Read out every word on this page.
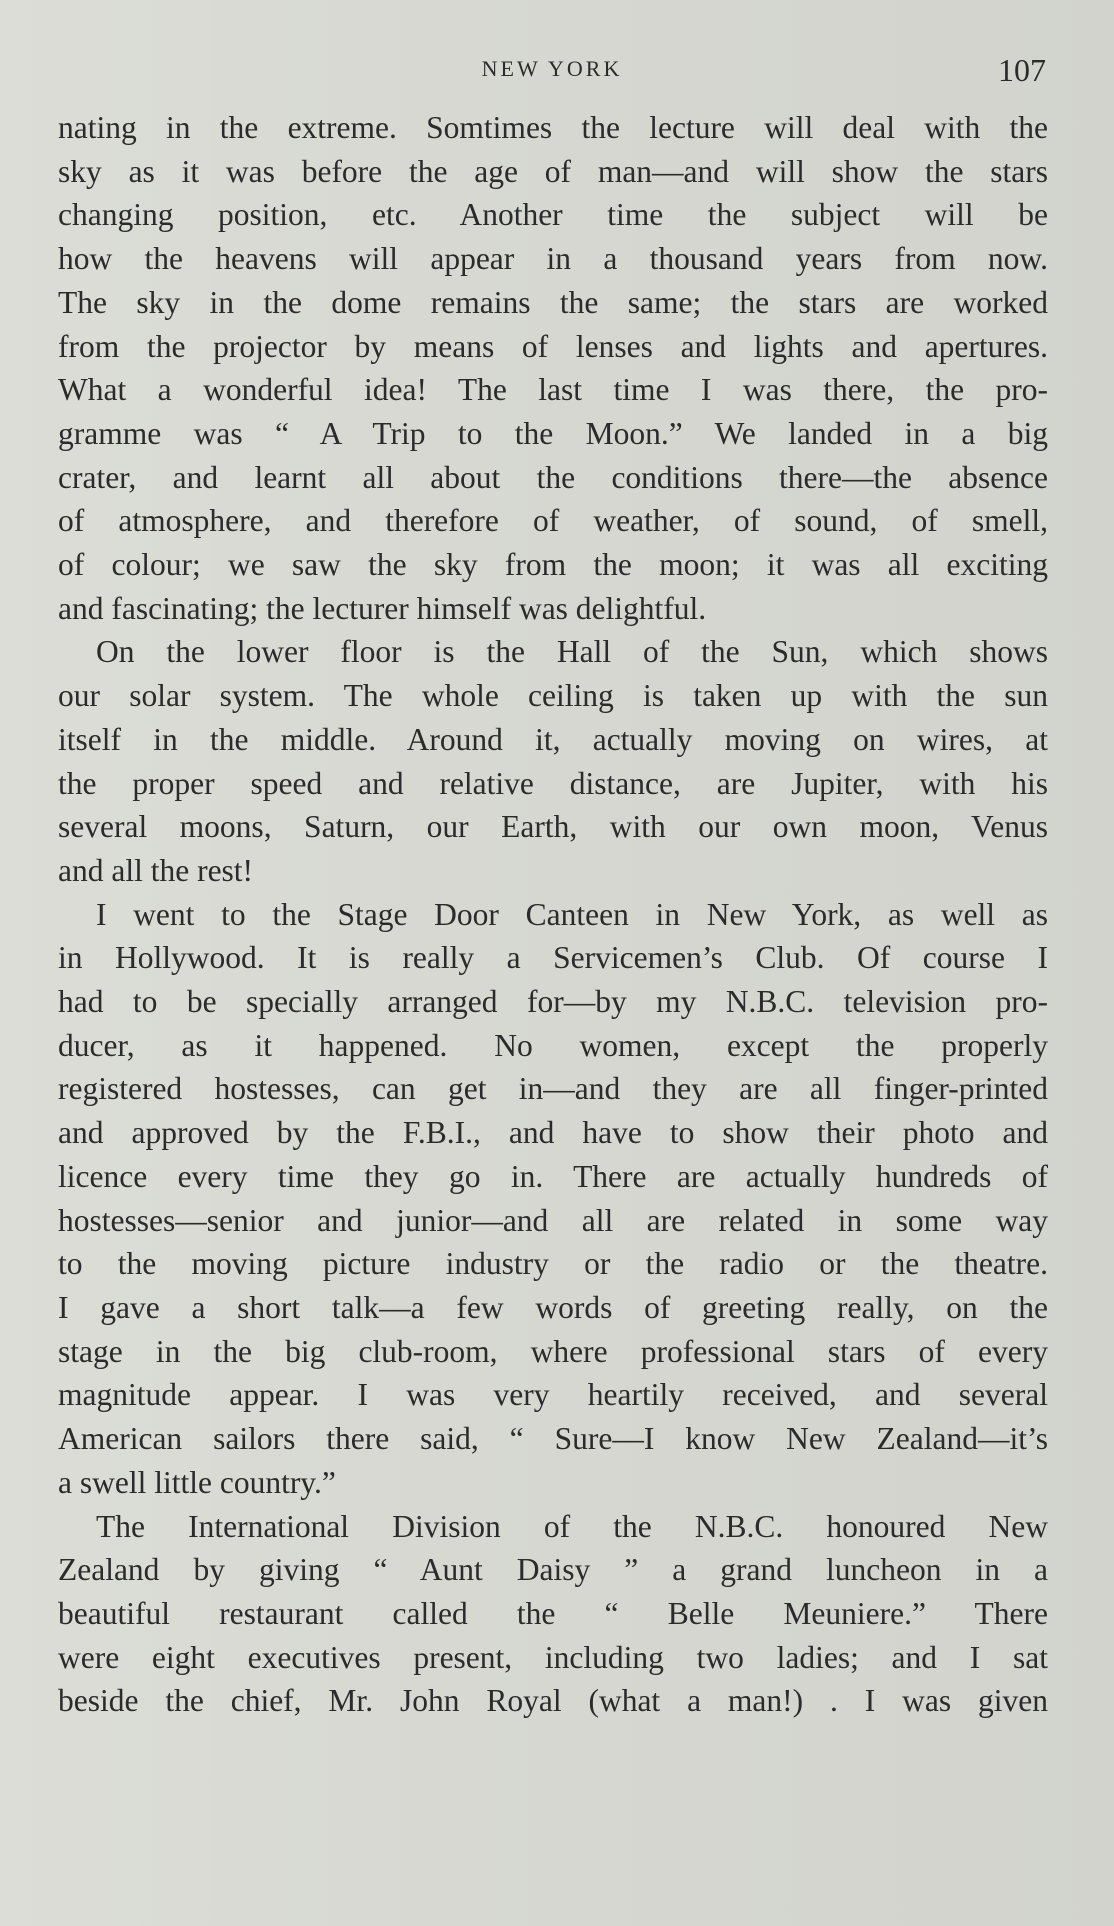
NEW YORK	107
nating in the extreme. Somtimes the lecture will deal with the
sky as it was before the age of man—and will show the stars
changing position, etc. Another time the subject will be
how the heavens will appear in a thousand years from now.
The sky in the dome remains the same; the stars are worked
from the projector by means of lenses and lights and apertures.
What a wonderful idea! The last time I was there, the pro-
gramme was “ A Trip to the Moon.” We landed in a big
crater, and learnt all about the conditions there—the absence
of atmosphere, and therefore of weather, of sound, of smell,
of colour; we saw the sky from the moon; it was all exciting
and fascinating; the lecturer himself was delightful.
On the lower floor is the Hall of the Sun, which shows
our solar system. The whole ceiling is taken up with the sun
itself in the middle. Around it, actually moving on wires, at
the proper speed and relative distance, are Jupiter, with his
several moons, Saturn, our Earth, with our own moon, Venus
and all the rest!
I went to the Stage Door Canteen in New York, as well as
in Hollywood. It is really a Servicemen’s Club. Of course I
had to be specially arranged for—by my N.B.C. television pro-
ducer, as it happened. No women, except the properly
registered hostesses, can get in—and they are all finger-printed
and approved by the F.B.I., and have to show their photo and
licence every time they go in. There are actually hundreds of
hostesses—senior and junior—and all are related in some way
to the moving picture industry or the radio or the theatre.
I gave a short talk—a few words of greeting really, on the
stage in the big club-room, where professional stars of every
magnitude appear. I was very heartily received, and several
American sailors there said, “ Sure—I know New Zealand—it’s
a swell little country.”
The International Division of the N.B.C. honoured New
Zealand by giving “ Aunt Daisy ” a grand luncheon in a
beautiful restaurant called the “ Belle Meuniere.” There
were eight executives present, including two ladies; and I sat
beside the chief, Mr. John Royal (what a man!) . I was given
